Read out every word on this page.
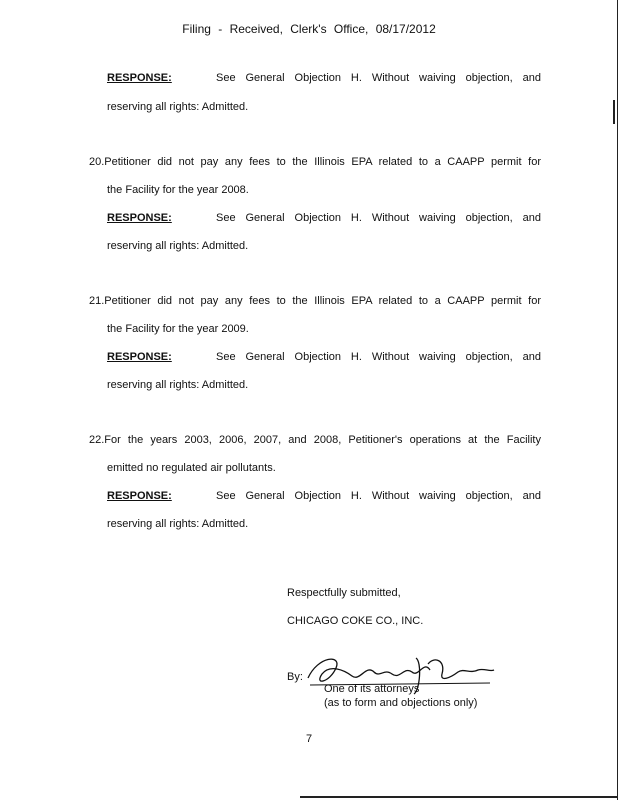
Filing - Received, Clerk's Office, 08/17/2012
RESPONSE:	See General Objection H. Without waiving objection, and
reserving all rights: Admitted.
20.Petitioner did not pay any fees to the Illinois EPA related to a CAAPP permit for
the Facility for the year 2008.
RESPONSE:	See General Objection H. Without waiving objection, and
reserving all rights: Admitted.
21.Petitioner did not pay any fees to the Illinois EPA related to a CAAPP permit for
the Facility for the year 2009.
RESPONSE:	See General Objection H. Without waiving objection, and
reserving all rights: Admitted.
22.For the years 2003, 2006, 2007, and 2008, Petitioner's operations at the Facility
emitted no regulated air pollutants.
RESPONSE:	See General Objection H. Without waiving objection, and
reserving all rights: Admitted.
Respectfully submitted,
CHICAGO COKE CO., INC.
By:
One of its attorneys
(as to form and objections only)
7
